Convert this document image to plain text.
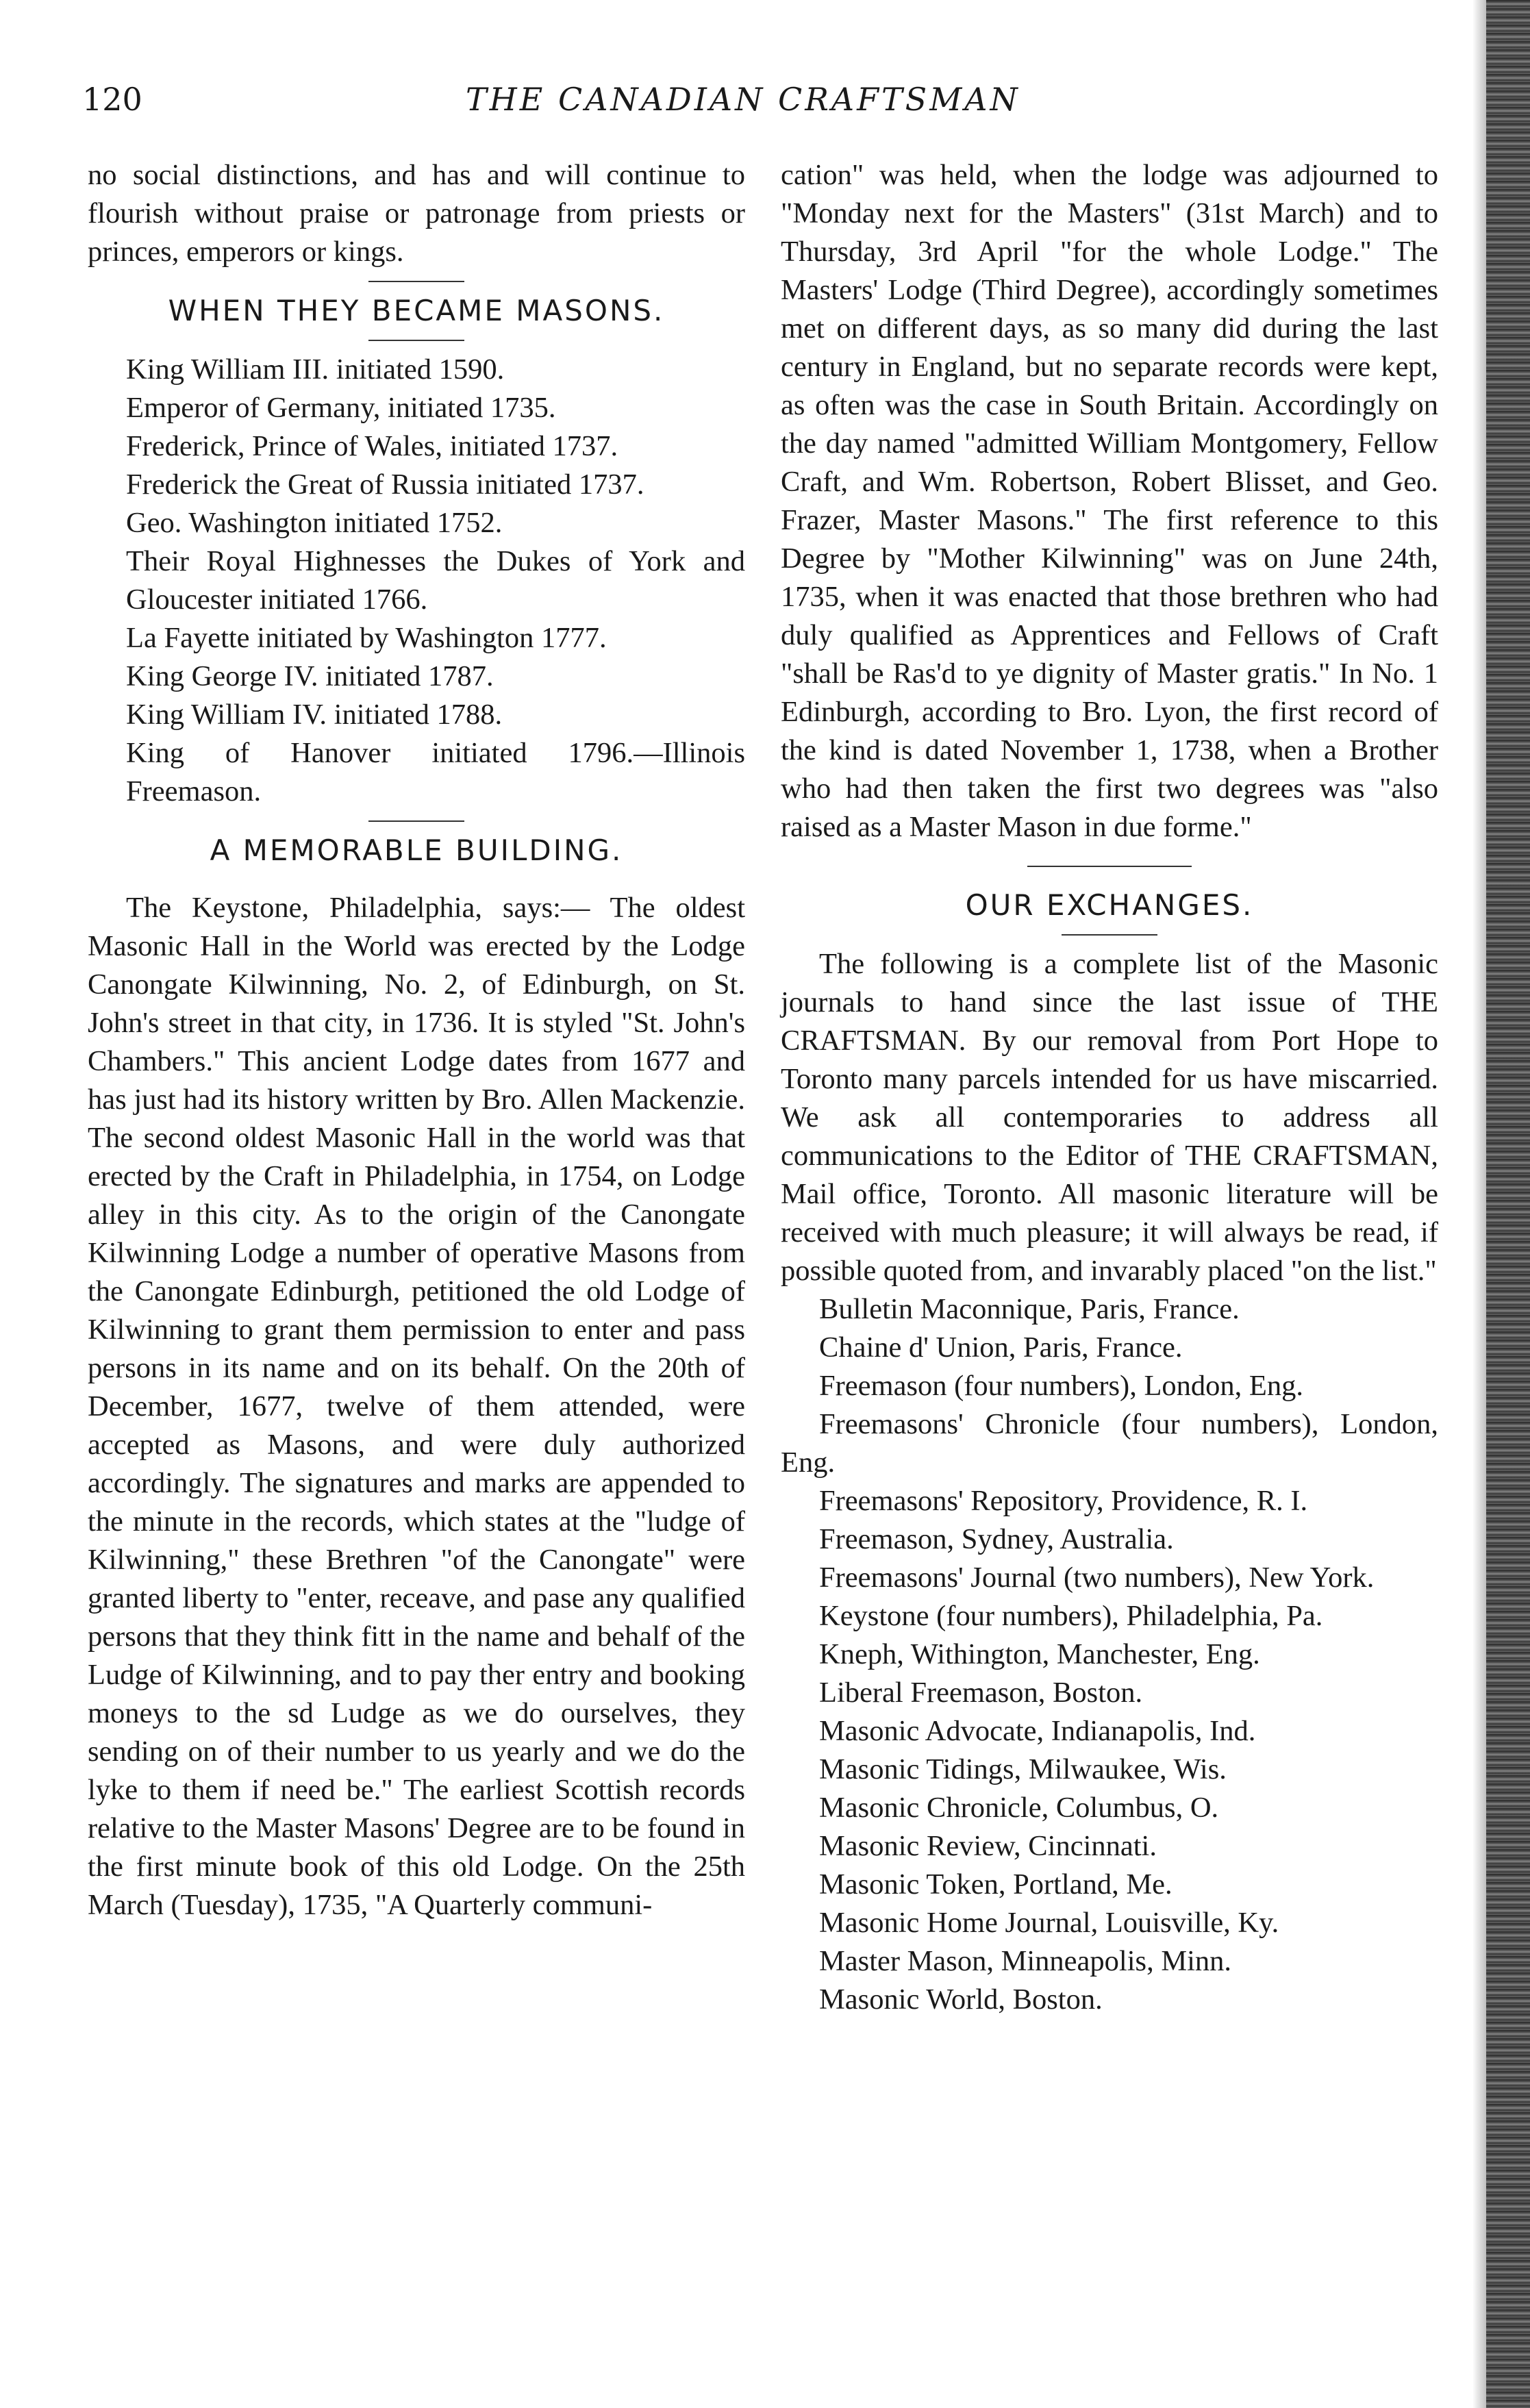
120	THE CANADIAN CRAFTSMAN

no social distinctions, and has and will continue to flourish without praise or patronage from priests or princes, emperors or kings.

WHEN THEY BECAME MASONS.

King William III. initiated 1590.

Emperor of Germany, initiated 1735.

Frederick, Prince of Wales, initiated 1737.

Frederick the Great of Russia initiated 1737.

Geo. Washington initiated 1752.

Their Royal Highnesses the Dukes of York and Gloucester initiated 1766.

La Fayette initiated by Washington 1777.

King George IV. initiated 1787.

King William IV. initiated 1788.

King of Hanover initiated 1796.—Illinois Freemason.

A MEMORABLE BUILDING.

The Keystone, Philadelphia, says:— The oldest Masonic Hall in the World was erected by the Lodge Canongate Kilwinning, No. 2, of Edinburgh, on St. John's street in that city, in 1736. It is styled "St. John's Chambers." This ancient Lodge dates from 1677 and has just had its history written by Bro. Allen Mackenzie. The second oldest Masonic Hall in the world was that erected by the Craft in Philadelphia, in 1754, on Lodge alley in this city. As to the origin of the Canongate Kilwinning Lodge a number of operative Masons from the Canongate Edinburgh, petitioned the old Lodge of Kilwinning to grant them permission to enter and pass persons in its name and on its behalf. On the 20th of December, 1677, twelve of them attended, were accepted as Masons, and were duly authorized accordingly. The signatures and marks are appended to the minute in the records, which states at the "ludge of Kilwinning," these Brethren "of the Canongate" were granted liberty to "enter, receave, and pase any qualified persons that they think fitt in the name and behalf of the Ludge of Kilwinning, and to pay ther entry and booking moneys to the sd Ludge as we do ourselves, they sending on of their number to us yearly and we do the lyke to them if need be." The earliest Scottish records relative to the Master Masons' Degree are to be found in the first minute book of this old Lodge. On the 25th March (Tuesday), 1735, "A Quarterly communi-

cation" was held, when the lodge was adjourned to "Monday next for the Masters" (31st March) and to Thursday, 3rd April "for the whole Lodge." The Masters' Lodge (Third Degree), accordingly sometimes met on different days, as so many did during the last century in England, but no separate records were kept, as often was the case in South Britain. Accordingly on the day named "admitted William Montgomery, Fellow Craft, and Wm. Robertson, Robert Blisset, and Geo. Frazer, Master Masons." The first reference to this Degree by "Mother Kilwinning" was on June 24th, 1735, when it was enacted that those brethren who had duly qualified as Apprentices and Fellows of Craft "shall be Ras'd to ye dignity of Master gratis." In No. 1 Edinburgh, according to Bro. Lyon, the first record of the kind is dated November 1, 1738, when a Brother who had then taken the first two degrees was "also raised as a Master Mason in due forme."

OUR EXCHANGES.

The following is a complete list of the Masonic journals to hand since the last issue of THE CRAFTSMAN. By our removal from Port Hope to Toronto many parcels intended for us have miscarried. We ask all contemporaries to address all communications to the Editor of THE CRAFTSMAN, Mail office, Toronto. All masonic literature will be received with much pleasure; it will always be read, if possible quoted from, and invarably placed "on the list."

Bulletin Maconnique, Paris, France.

Chaine d' Union, Paris, France.

Freemason (four numbers), London, Eng.

Freemasons' Chronicle (four numbers), London, Eng.

Freemasons' Repository, Providence, R. I.

Freemason, Sydney, Australia.

Freemasons' Journal (two numbers), New York.

Keystone (four numbers), Philadelphia, Pa.

Kneph, Withington, Manchester, Eng.

Liberal Freemason, Boston.

Masonic Advocate, Indianapolis, Ind.

Masonic Tidings, Milwaukee, Wis.

Masonic Chronicle, Columbus, O.

Masonic Review, Cincinnati.

Masonic Token, Portland, Me.

Masonic Home Journal, Louisville, Ky.

Master Mason, Minneapolis, Minn.

Masonic World, Boston.
